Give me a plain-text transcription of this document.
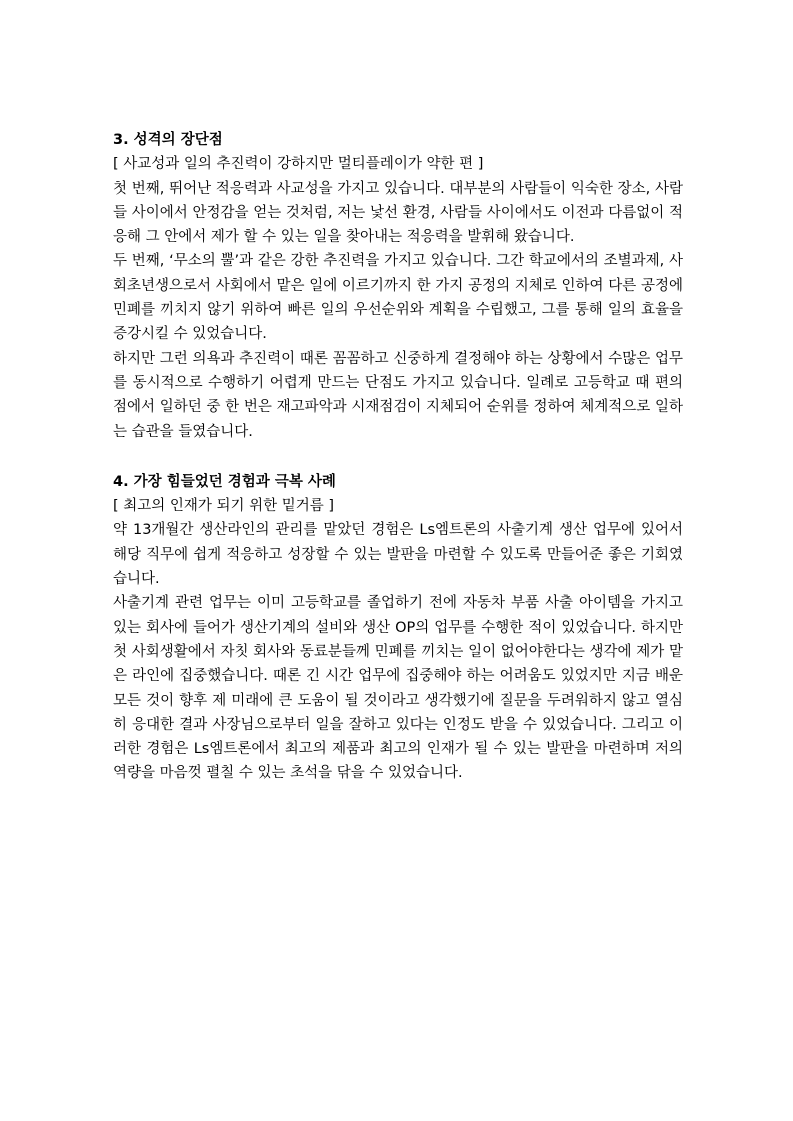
3. 성격의 장단점

[ 사교성과 일의 추진력이 강하지만 멀티플레이가 약한 편 ]

첫 번째, 뛰어난 적응력과 사교성을 가지고 있습니다. 대부분의 사람들이 익숙한 장소, 사람들 사이에서 안정감을 얻는 것처럼, 저는 낯선 환경, 사람들 사이에서도 이전과 다름없이 적응해 그 안에서 제가 할 수 있는 일을 찾아내는 적응력을 발휘해 왔습니다.

두 번째, ‘무소의 뿔’과 같은 강한 추진력을 가지고 있습니다. 그간 학교에서의 조별과제, 사회초년생으로서 사회에서 맡은 일에 이르기까지 한 가지 공정의 지체로 인하여 다른 공정에 민폐를 끼치지 않기 위하여 빠른 일의 우선순위와 계획을 수립했고, 그를 통해 일의 효율을 증강시킬 수 있었습니다.

하지만 그런 의욕과 추진력이 때론 꼼꼼하고 신중하게 결정해야 하는 상황에서 수많은 업무를 동시적으로 수행하기 어렵게 만드는 단점도 가지고 있습니다. 일례로 고등학교 때 편의점에서 일하던 중 한 번은 재고파악과 시재점검이 지체되어 순위를 정하여 체계적으로 일하는 습관을 들였습니다.

4. 가장 힘들었던 경험과 극복 사례

[ 최고의 인재가 되기 위한 밑거름 ]

약 13개월간 생산라인의 관리를 맡았던 경험은 Ls엠트론의 사출기계 생산 업무에 있어서 해당 직무에 쉽게 적응하고 성장할 수 있는 발판을 마련할 수 있도록 만들어준 좋은 기회였습니다.

사출기계 관련 업무는 이미 고등학교를 졸업하기 전에 자동차 부품 사출 아이템을 가지고 있는 회사에 들어가 생산기계의 설비와 생산 OP의 업무를 수행한 적이 있었습니다. 하지만 첫 사회생활에서 자칫 회사와 동료분들께 민폐를 끼치는 일이 없어야한다는 생각에 제가 맡은 라인에 집중했습니다. 때론 긴 시간 업무에 집중해야 하는 어려움도 있었지만 지금 배운 모든 것이 향후 제 미래에 큰 도움이 될 것이라고 생각했기에 질문을 두려워하지 않고 열심히 응대한 결과 사장님으로부터 일을 잘하고 있다는 인정도 받을 수 있었습니다. 그리고 이러한 경험은 Ls엠트론에서 최고의 제품과 최고의 인재가 될 수 있는 발판을 마련하며 저의 역량을 마음껏 펼칠 수 있는 초석을 닦을 수 있었습니다.
